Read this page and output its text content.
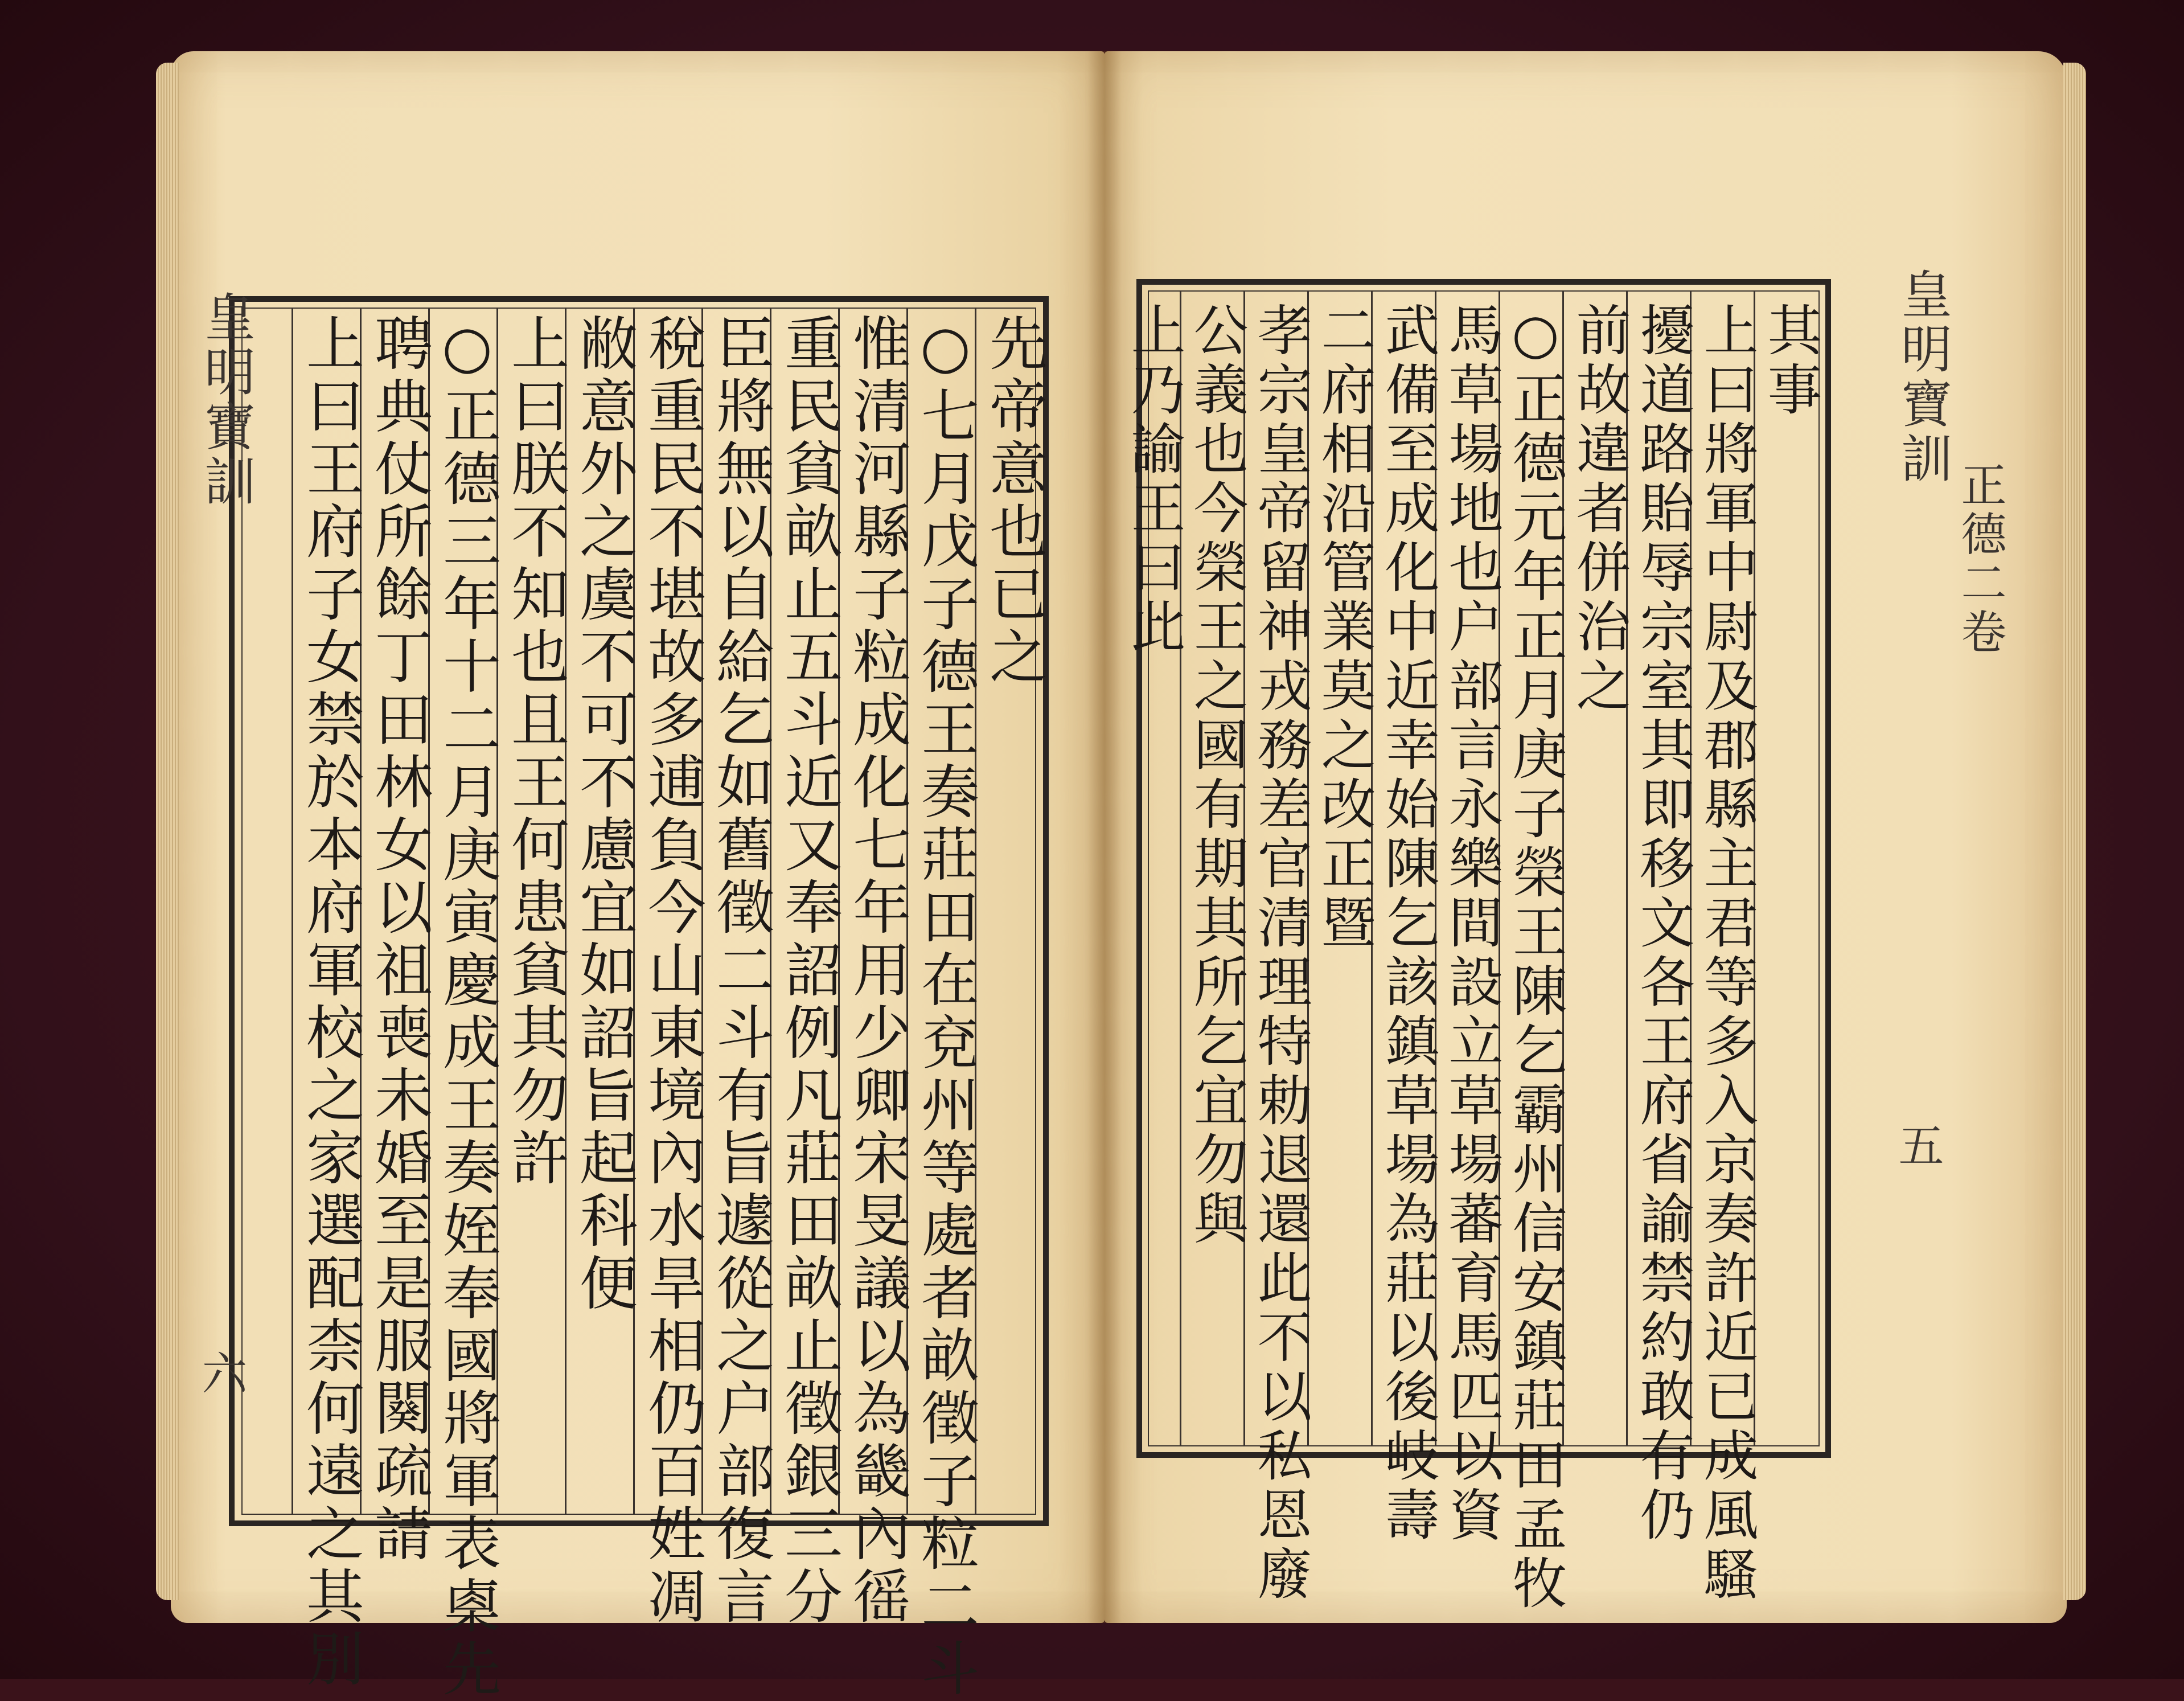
皇明寶訓
六
先帝意也已之
○七月戊子德王奏莊田在兗州等處者畝徵子粒二斗
惟清河縣子粒成化七年用少卿宋旻議以為畿內徭
重民貧畝止五斗近又奉詔例凡莊田畝止徵銀三分
臣將無以自給乞如舊徵二斗有旨遽從之户部復言
稅重民不堪故多逋負今山東境內水旱相仍百姓凋
敝意外之虞不可不慮宜如詔旨起科便
上曰朕不知也且王何患貧其勿許
○正德三年十二月庚寅慶成王奏姪奉國將軍表㮚先
聘典仗所餘丁田林女以祖喪未婚至是服闋疏請
上曰王府子女禁於本府軍校之家選配柰何遠之其別	皇明寶訓
正德二卷
五
其事
上曰將軍中尉及郡縣主君等多入京奏許近已成風騷
擾道路貽辱宗室其即移文各王府省諭禁約敢有仍
前故違者併治之
○正德元年正月庚子榮王陳乞霸州信安鎮莊田孟牧
馬草場地也户部言永樂間設立草場蕃育馬匹以資
武備至成化中近幸始陳乞該鎮草場為莊以後岐壽
二府相沿管業莫之改正暨
孝宗皇帝留神戎務差官清理特勅退還此不以私恩廢
公義也今榮王之國有期其所乞宜勿與
上乃諭王曰此
